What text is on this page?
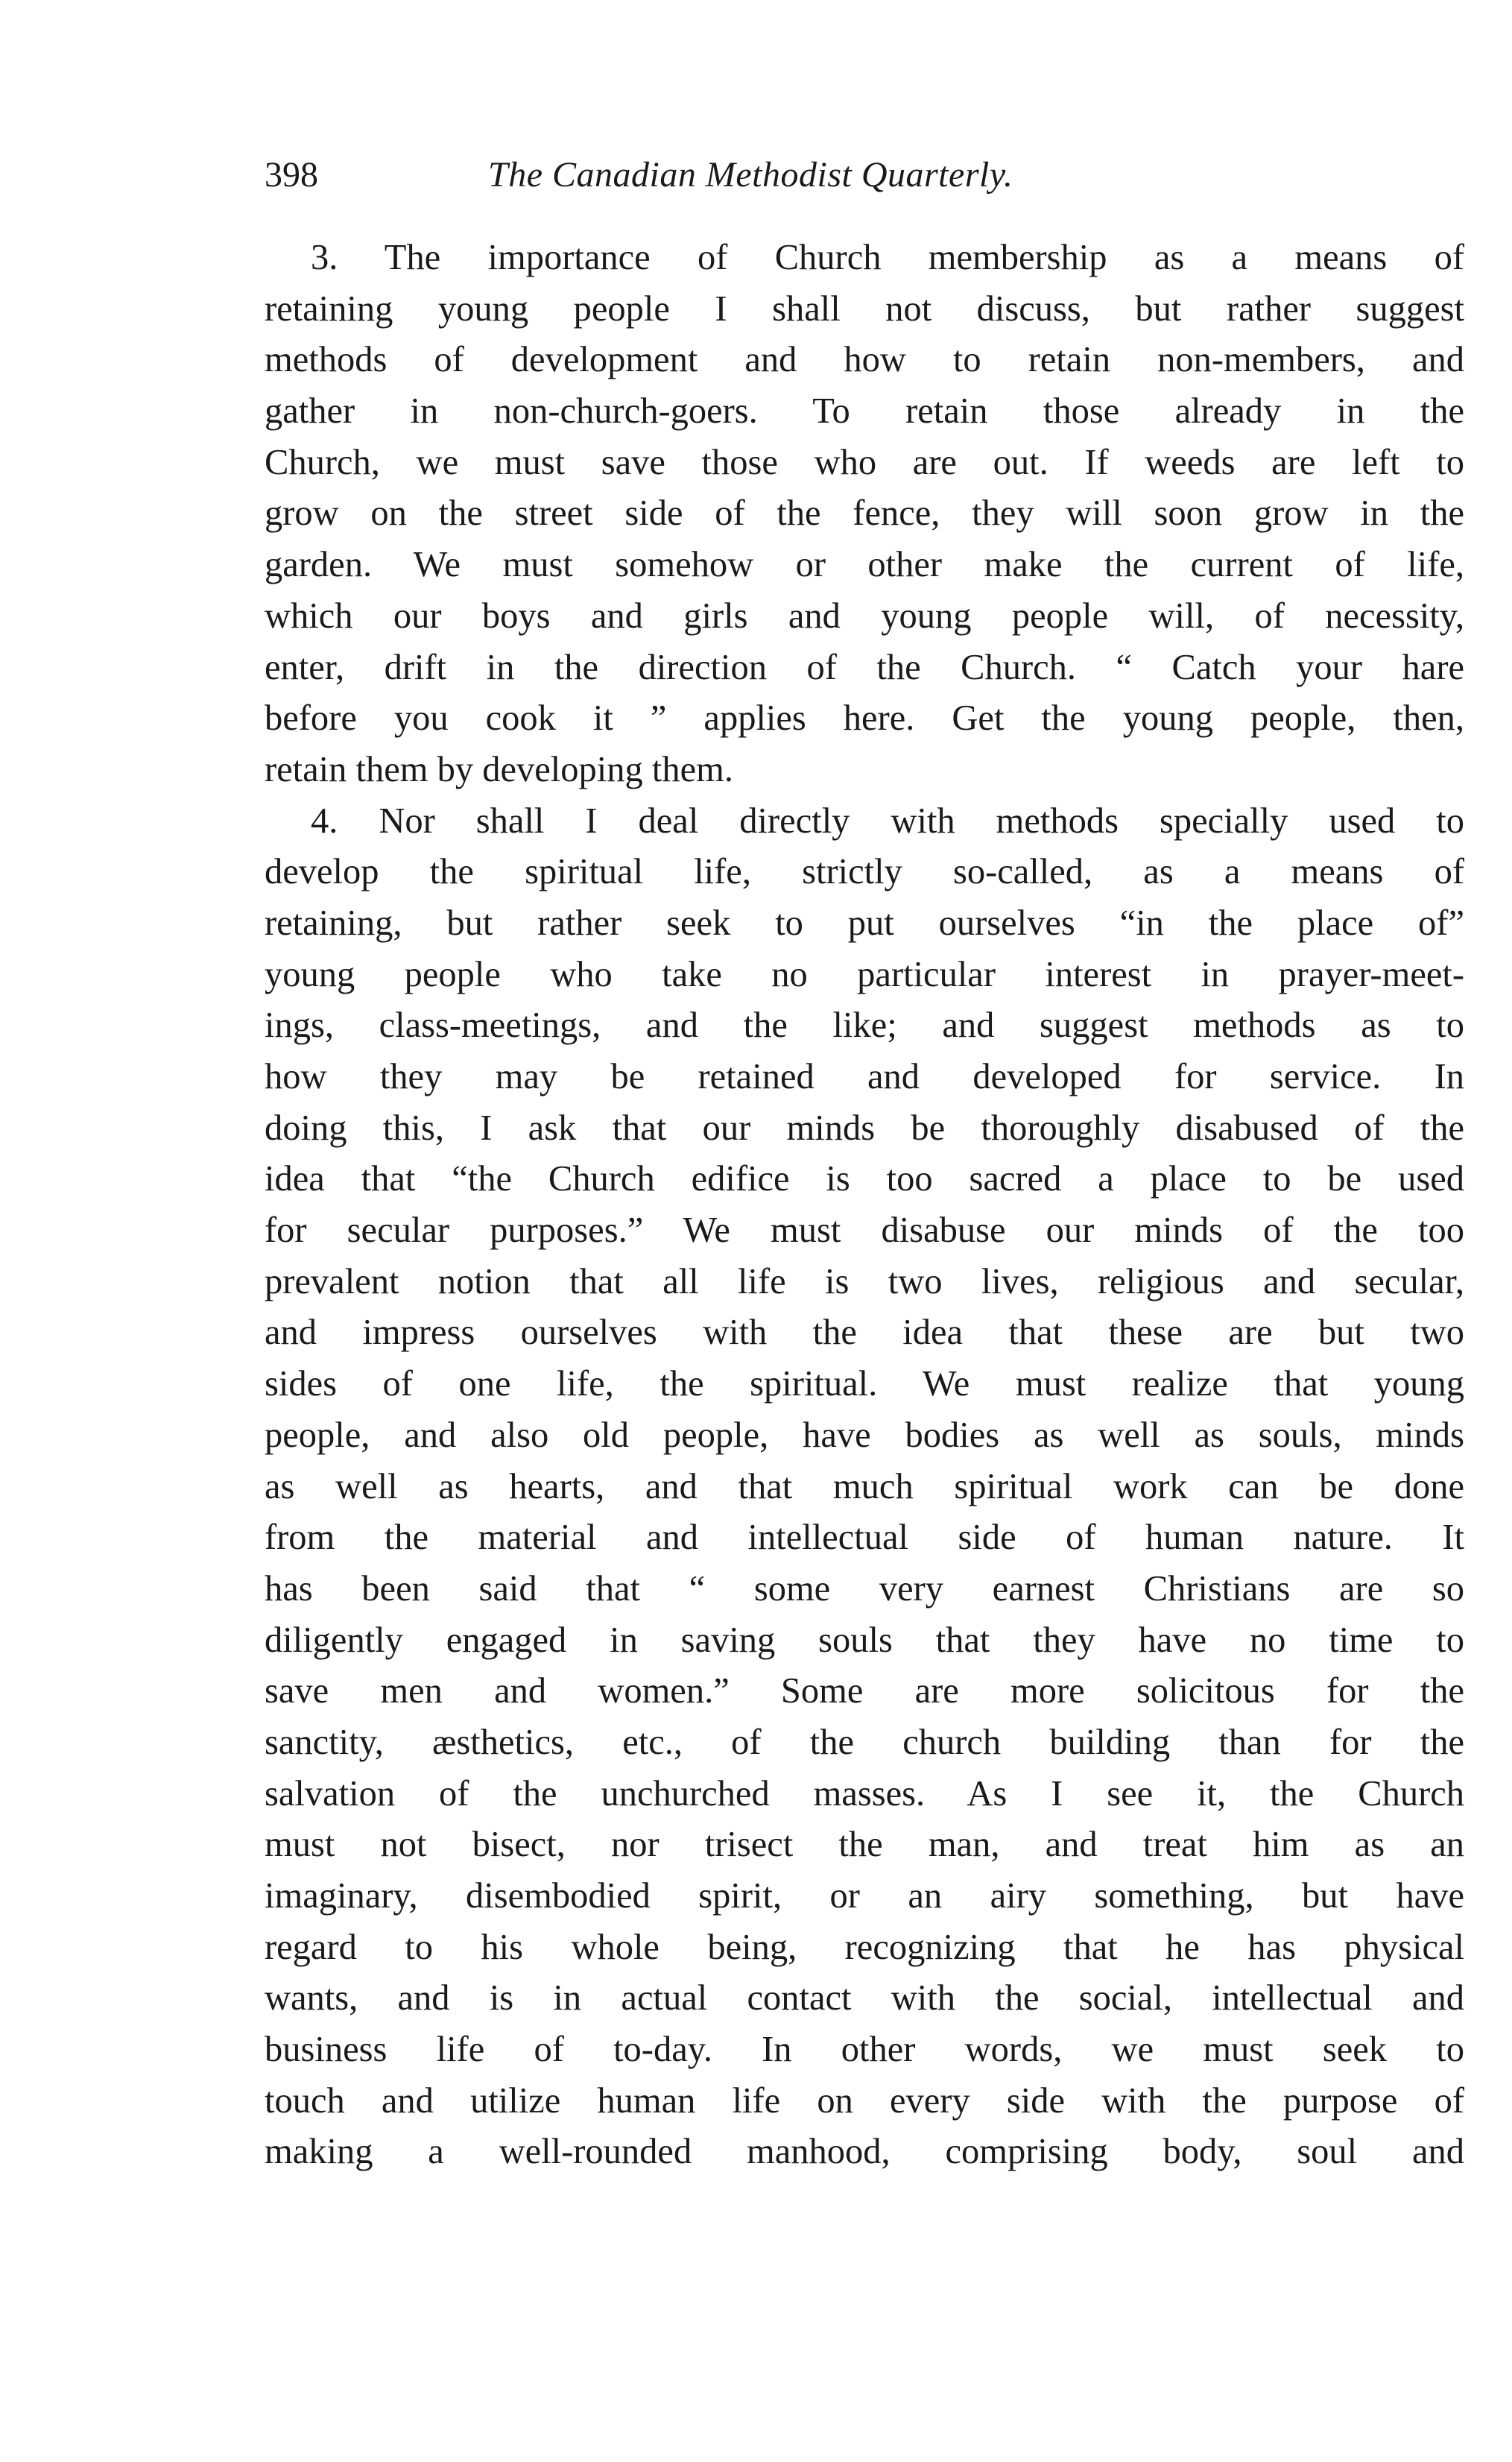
398	The Canadian Methodist Quarterly.
3. The importance of Church membership as a means of
retaining young people I shall not discuss, but rather suggest
methods of development and how to retain non-members, and
gather in non-church-goers. To retain those already in the
Church, we must save those who are out. If weeds are left to
grow on the street side of the fence, they will soon grow in the
garden. We must somehow or other make the current of life,
which our boys and girls and young people will, of necessity,
enter, drift in the direction of the Church. “ Catch your hare
before you cook it ” applies here. Get the young people, then,
retain them by developing them.
4. Nor shall I deal directly with methods specially used to
develop the spiritual life, strictly so-called, as a means of
retaining, but rather seek to put ourselves “in the place of”
young people who take no particular interest in prayer-meet-
ings, class-meetings, and the like; and suggest methods as to
how they may be retained and developed for service. In
doing this, I ask that our minds be thoroughly disabused of the
idea that “the Church edifice is too sacred a place to be used
for secular purposes.” We must disabuse our minds of the too
prevalent notion that all life is two lives, religious and secular,
and impress ourselves with the idea that these are but two
sides of one life, the spiritual. We must realize that young
people, and also old people, have bodies as well as souls, minds
as well as hearts, and that much spiritual work can be done
from the material and intellectual side of human nature. It
has been said that “ some very earnest Christians are so
diligently engaged in saving souls that they have no time to
save men and women.” Some are more solicitous for the
sanctity, æsthetics, etc., of the church building than for the
salvation of the unchurched masses. As I see it, the Church
must not bisect, nor trisect the man, and treat him as an
imaginary, disembodied spirit, or an airy something, but have
regard to his whole being, recognizing that he has physical
wants, and is in actual contact with the social, intellectual and
business life of to-day. In other words, we must seek to
touch and utilize human life on every side with the purpose of
making a well-rounded manhood, comprising body, soul and
